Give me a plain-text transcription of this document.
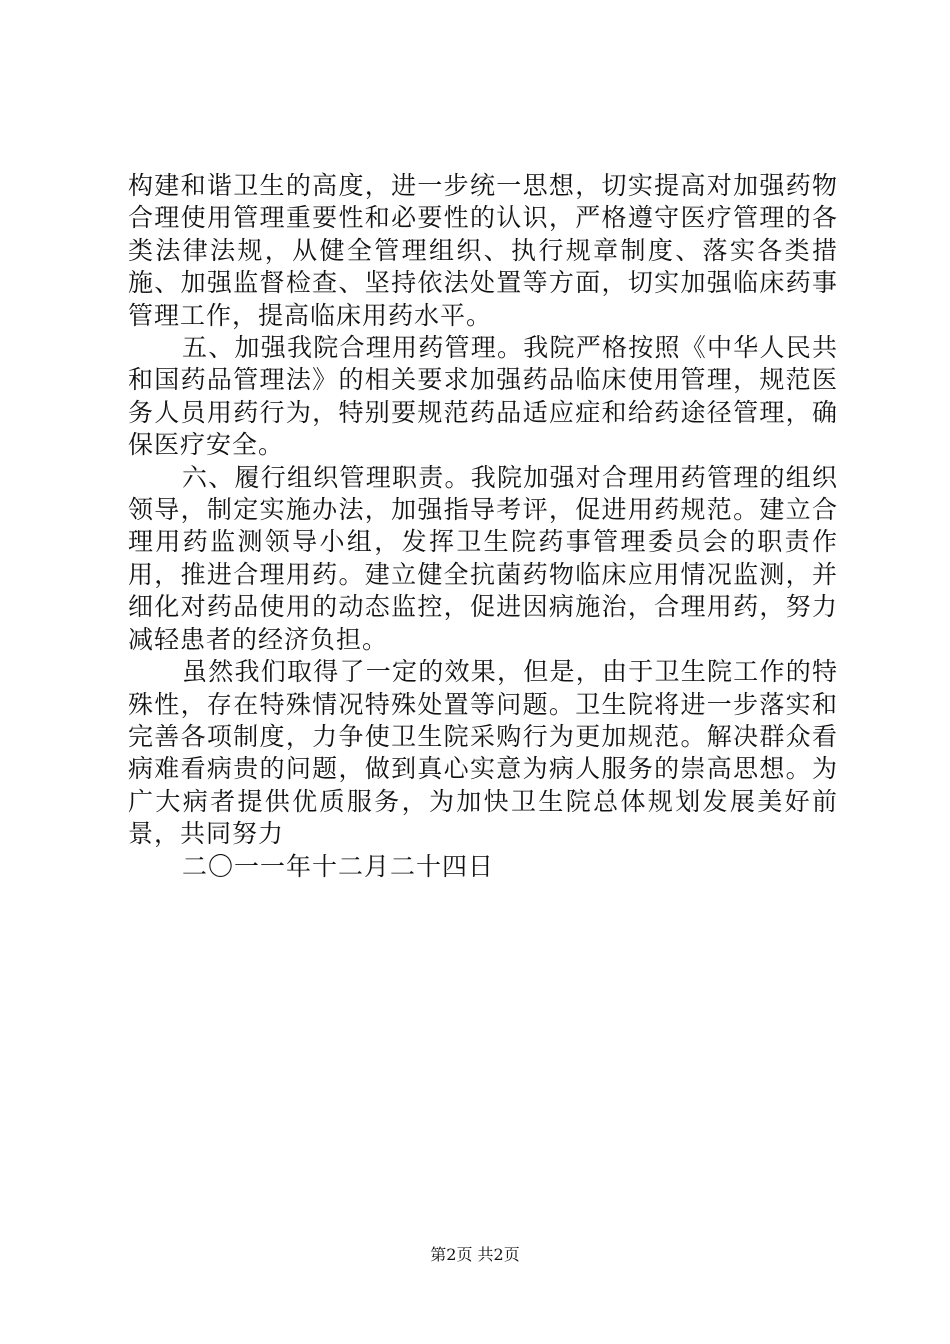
构建和谐卫生的高度，进一步统一思想，切实提高对加强药物合理使用管理重要性和必要性的认识，严格遵守医疗管理的各类法律法规，从健全管理组织、执行规章制度、落实各类措施、加强监督检查、坚持依法处置等方面，切实加强临床药事管理工作，提高临床用药水平。

五、加强我院合理用药管理。我院严格按照《中华人民共和国药品管理法》的相关要求加强药品临床使用管理，规范医务人员用药行为，特别要规范药品适应症和给药途径管理，确保医疗安全。

六、履行组织管理职责。我院加强对合理用药管理的组织领导，制定实施办法，加强指导考评，促进用药规范。建立合理用药监测领导小组，发挥卫生院药事管理委员会的职责作用，推进合理用药。建立健全抗菌药物临床应用情况监测，并细化对药品使用的动态监控，促进因病施治，合理用药，努力减轻患者的经济负担。

虽然我们取得了一定的效果，但是，由于卫生院工作的特殊性，存在特殊情况特殊处置等问题。卫生院将进一步落实和完善各项制度，力争使卫生院采购行为更加规范。解决群众看病难看病贵的问题，做到真心实意为病人服务的崇高思想。为广大病者提供优质服务，为加快卫生院总体规划发展美好前景，共同努力

二〇一一年十二月二十四日

第2页 共2页
